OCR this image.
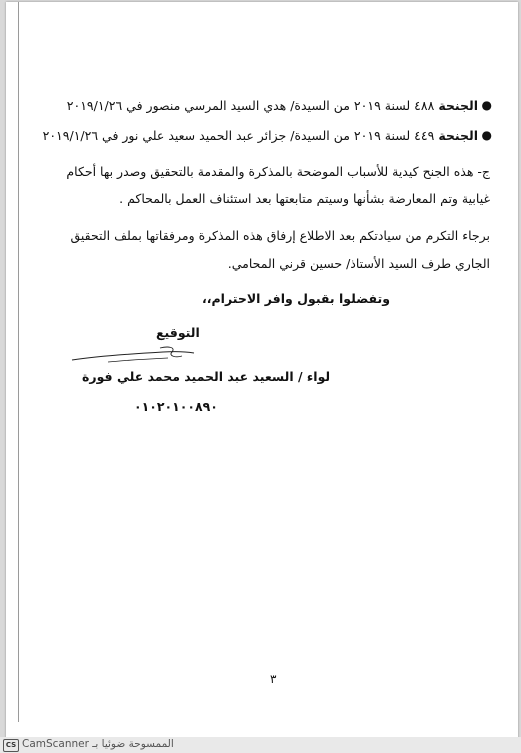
●
الجنحة ٤٨٨ لسنة ٢٠١٩ من السيدة/ هدي السيد المرسي منصور في ٢٠١٩/١/٢٦
●
الجنحة ٤٤٩ لسنة ٢٠١٩ من السيدة/ جزائر عبد الحميد سعيد علي نور في ٢٠١٩/١/٢٦
ج- هذه الجنح كيدية للأسباب الموضحة بالمذكرة والمقدمة بالتحقيق وصدر بها أحكام
غيابية وتم المعارضة بشأنها وسيتم متابعتها بعد استئناف العمل بالمحاكم .
برجاء التكرم من سيادتكم بعد الاطلاع إرفاق هذه المذكرة ومرفقاتها بملف التحقيق
الجاري طرف السيد الأستاذ/ حسين قرني المحامي.
وتفضلوا بقبول وافر الاحترام،،
التوقيع
لواء / السعيد عبد الحميد محمد علي فورة
٠١٠٢٠١٠٠٨٩٠
٣
CS الممسوحة ضوئيا بـ CamScanner
